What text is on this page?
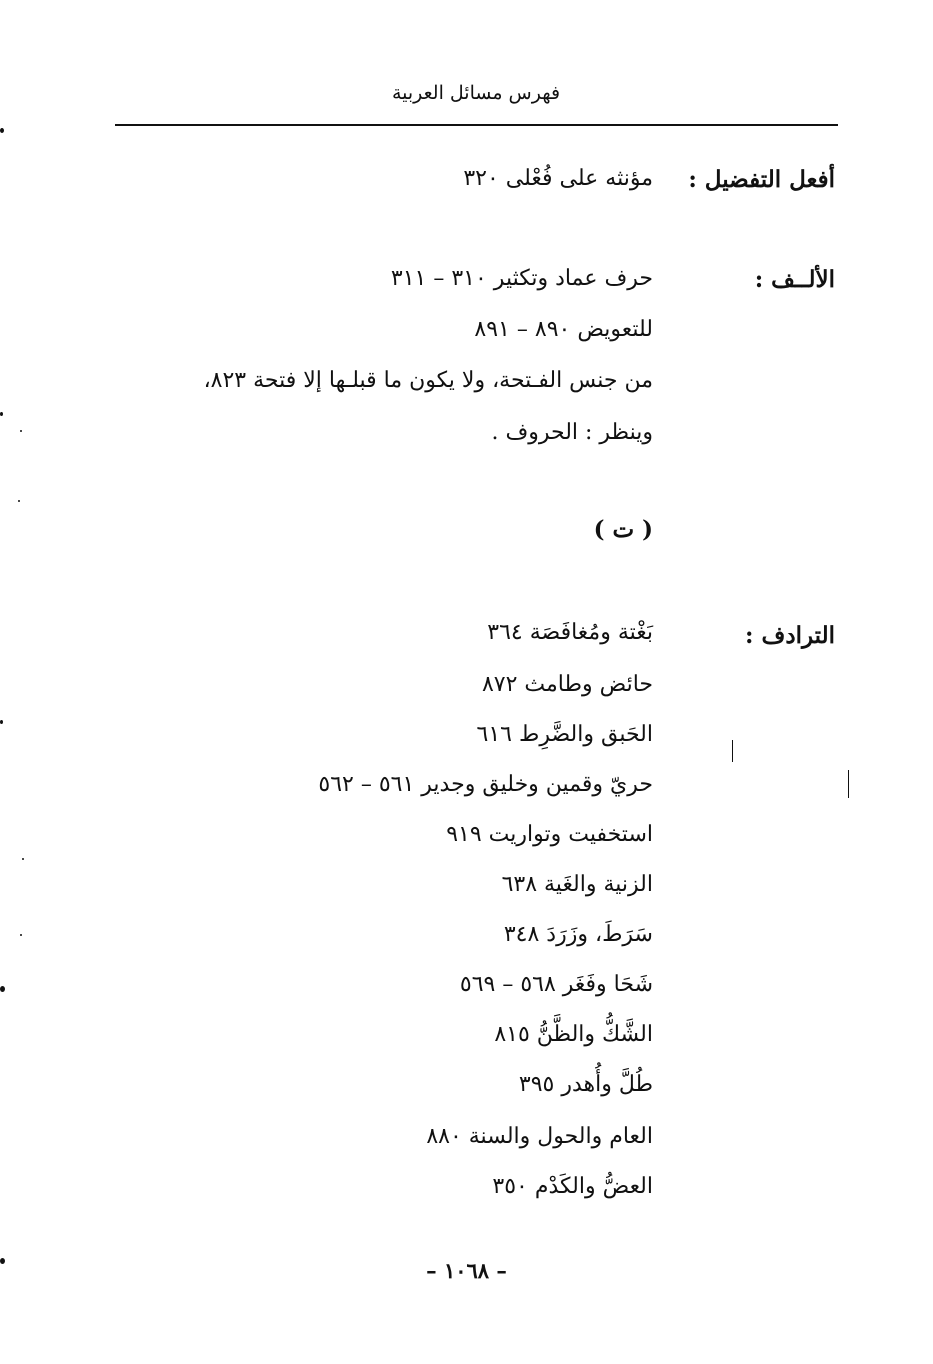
فهرس مسائل العربية
أفعل التفضيل :
مؤنثه على فُعْلى ٣٢٠
الألــف :
حرف عماد وتكثير ٣١٠ – ٣١١
للتعويض ٨٩٠ – ٨٩١
من جنس الفـتحة، ولا يكون ما قبلـها إلا فتحة ٨٢٣،
وينظر : الحروف .
( ت )
الترادف :
بَغْتة ومُغافَصَة ٣٦٤
حائض وطامث ٨٧٢
الحَبق والضَّرِط ٦١٦
حريّ وقمين وخليق وجدير ٥٦١ – ٥٦٢
استخفيت وتواريت ٩١٩
الزنية والغَية ٦٣٨
سَرَطَ، وزَرَدَ ٣٤٨
شَحَا وفَغَر ٥٦٨ – ٥٦٩
الشَّكُّ والظَّنُّ ٨١٥
طُلَّ وأُهدر ٣٩٥
العام والحول والسنة ٨٨٠
العضُّ والكَدْم ٣٥٠
– ١٠٦٨ –
